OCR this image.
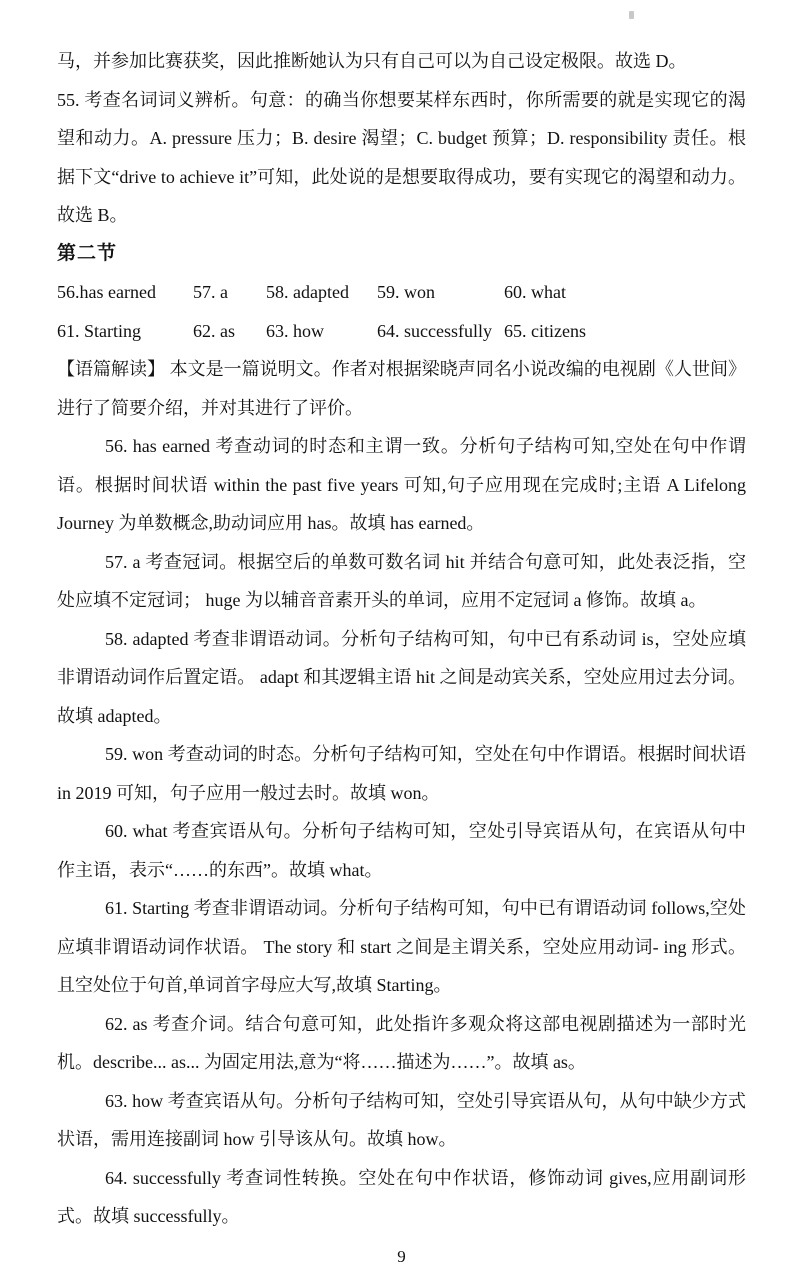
马，并参加比赛获奖，因此推断她认为只有自己可以为自己设定极限。故选 D。

55. 考查名词词义辨析。句意：的确当你想要某样东西时，你所需要的就是实现它的渴望和动力。A. pressure 压力；B. desire 渴望；C. budget 预算；D. responsibility 责任。根据下文“drive to achieve it”可知，此处说的是想要取得成功，要有实现它的渴望和动力。故选 B。

第二节
56.has earned	57. a	58. adapted	59. won	60. what
61. Starting	62. as	63. how	64. successfully 65. citizens

【语篇解读】 本文是一篇说明文。作者对根据梁晓声同名小说改编的电视剧《人世间》进行了简要介绍，并对其进行了评价。

56. has earned 考查动词的时态和主谓一致。分析句子结构可知,空处在句中作谓语。根据时间状语 within the past five years 可知,句子应用现在完成时;主语 A Lifelong Journey 为单数概念,助动词应用 has。故填 has earned。

57. a 考查冠词。根据空后的单数可数名词 hit 并结合句意可知，此处表泛指，空处应填不定冠词； huge 为以辅音音素开头的单词，应用不定冠词 a 修饰。故填 a。

58. adapted 考查非谓语动词。分析句子结构可知，句中已有系动词 is，空处应填非谓语动词作后置定语。 adapt 和其逻辑主语 hit 之间是动宾关系，空处应用过去分词。故填 adapted。

59. won 考查动词的时态。分析句子结构可知，空处在句中作谓语。根据时间状语 in 2019 可知，句子应用一般过去时。故填 won。

60. what 考查宾语从句。分析句子结构可知，空处引导宾语从句，在宾语从句中作主语，表示“……的东西”。故填 what。

61. Starting 考查非谓语动词。分析句子结构可知，句中已有谓语动词 follows,空处应填非谓语动词作状语。 The story 和 start 之间是主谓关系，空处应用动词- ing 形式。且空处位于句首,单词首字母应大写,故填 Starting。

62. as 考查介词。结合句意可知，此处指许多观众将这部电视剧描述为一部时光机。describe... as... 为固定用法,意为“将……描述为……”。故填 as。

63. how 考查宾语从句。分析句子结构可知，空处引导宾语从句，从句中缺少方式状语，需用连接副词 how 引导该从句。故填 how。

64. successfully 考查词性转换。空处在句中作状语，修饰动词 gives,应用副词形式。故填 successfully。

9
